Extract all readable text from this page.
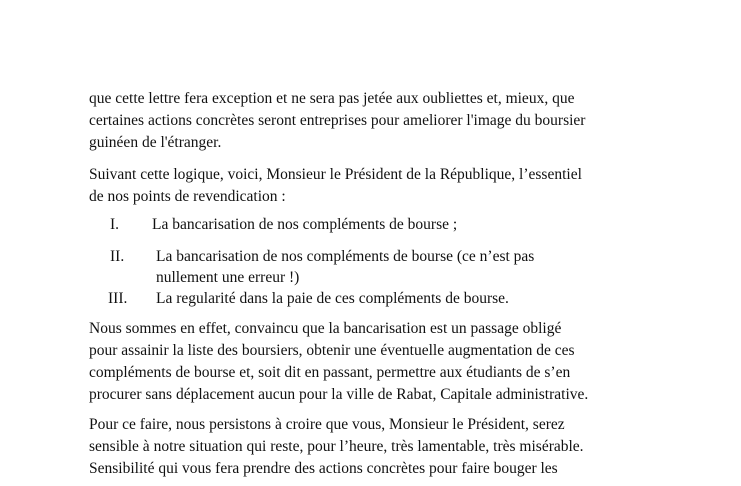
que cette lettre fera exception et ne sera pas jetée aux oubliettes et, mieux, que
certaines actions concrètes seront entreprises pour ameliorer l'image du boursier
guinéen de l'étranger.

Suivant cette logique, voici, Monsieur le Président de la République, l’essentiel
de nos points de revendication :

I. La bancarisation de nos compléments de bourse ;
II. La bancarisation de nos compléments de bourse (ce n’est pas
nullement une erreur !)
III. La regularité dans la paie de ces compléments de bourse.

Nous sommes en effet, convaincu que la bancarisation est un passage obligé
pour assainir la liste des boursiers, obtenir une éventuelle augmentation de ces
compléments de bourse et, soit dit en passant, permettre aux étudiants de s’en
procurer sans déplacement aucun pour la ville de Rabat, Capitale administrative.

Pour ce faire, nous persistons à croire que vous, Monsieur le Président, serez
sensible à notre situation qui reste, pour l’heure, très lamentable, très misérable.
Sensibilité qui vous fera prendre des actions concrètes pour faire bouger les
